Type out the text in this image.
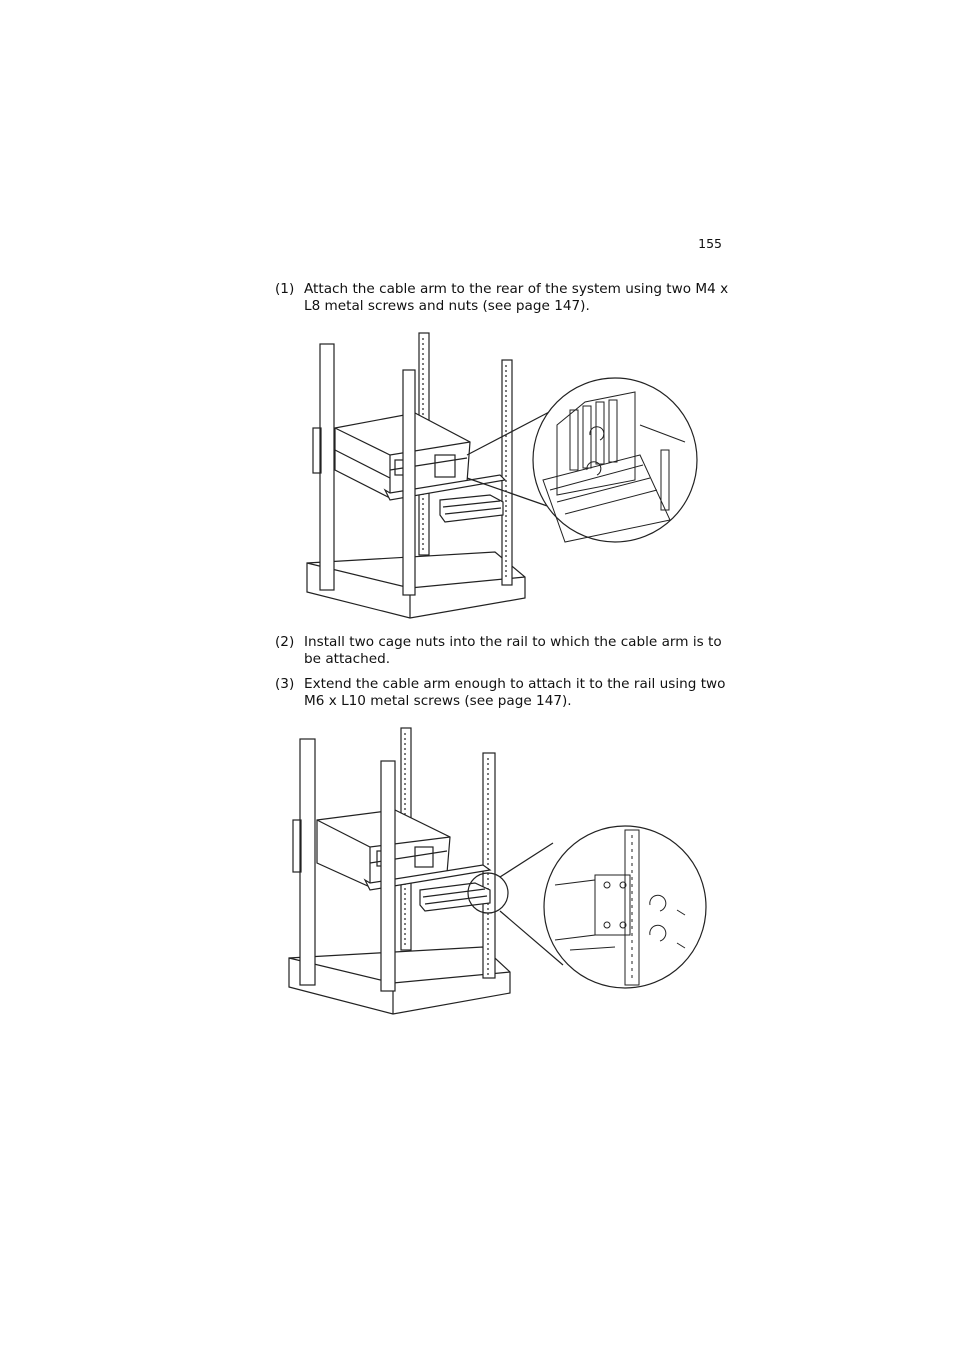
155
(1) Attach the cable arm to the rear of the system using two M4 x L8 metal screws and nuts (see page 147).
(2) Install two cage nuts into the rail to which the cable arm is to be attached.
(3) Extend the cable arm enough to attach it to the rail using two M6 x L10 metal screws (see page 147).
